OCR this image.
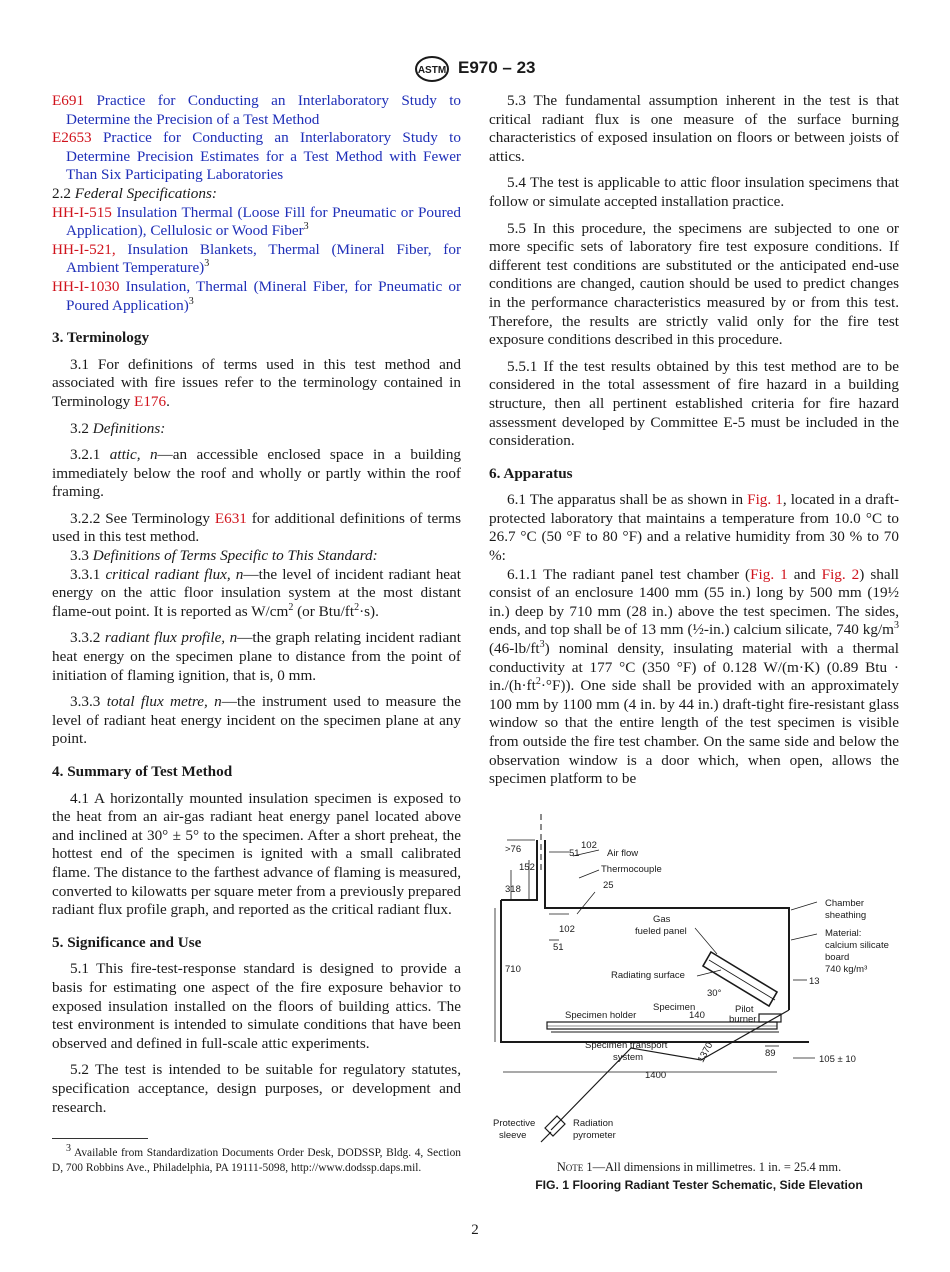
ASTM E970 – 23
E691 Practice for Conducting an Interlaboratory Study to Determine the Precision of a Test Method
E2653 Practice for Conducting an Interlaboratory Study to Determine Precision Estimates for a Test Method with Fewer Than Six Participating Laboratories
2.2 Federal Specifications:
HH-I-515 Insulation Thermal (Loose Fill for Pneumatic or Poured Application), Cellulosic or Wood Fiber$^3$
HH-I-521, Insulation Blankets, Thermal (Mineral Fiber, for Ambient Temperature)$^3$
HH-I-1030 Insulation, Thermal (Mineral Fiber, for Pneumatic or Poured Application)$^3$
3. Terminology

3.1 For definitions of terms used in this test method and associated with fire issues refer to the terminology contained in Terminology E176.

3.2 Definitions:

3.2.1 attic, n—an accessible enclosed space in a building immediately below the roof and wholly or partly within the roof framing.

3.2.2 See Terminology E631 for additional definitions of terms used in this test method.

3.3 Definitions of Terms Specific to This Standard:

3.3.1 critical radiant flux, n—the level of incident radiant heat energy on the attic floor insulation system at the most distant flame-out point. It is reported as $W/cm^2$ (or Btu/$ft^2\cdot s$).

3.3.2 radiant flux profile, n—the graph relating incident radiant heat energy on the specimen plane to distance from the point of initiation of flaming ignition, that is, 0 mm.

3.3.3 total flux metre, n—the instrument used to measure the level of radiant heat energy incident on the specimen plane at any point.

4. Summary of Test Method

4.1 A horizontally mounted insulation specimen is exposed to the heat from an air-gas radiant heat energy panel located above and inclined at 30° ± 5° to the specimen. After a short preheat, the hottest end of the specimen is ignited with a small calibrated flame. The distance to the farthest advance of flaming is measured, converted to kilowatts per square meter from a previously prepared radiant flux profile graph, and reported as the critical radiant flux.

5. Significance and Use

5.1 This fire-test-response standard is designed to provide a basis for estimating one aspect of the fire exposure behavior to exposed insulation installed on the floors of building attics. The test environment is intended to simulate conditions that have been observed and defined in full-scale attic experiments.

5.2 The test is intended to be suitable for regulatory statutes, specification acceptance, design purposes, or development and research.

$^3$ Available from Standardization Documents Order Desk, DODSSP, Bldg. 4, Section D, 700 Robbins Ave., Philadelphia, PA 19111-5098, http://www.dodssp.daps.mil.

5.3 The fundamental assumption inherent in the test is that critical radiant flux is one measure of the surface burning characteristics of exposed insulation on floors or between joists of attics.

5.4 The test is applicable to attic floor insulation specimens that follow or simulate accepted installation practice.

5.5 In this procedure, the specimens are subjected to one or more specific sets of laboratory fire test exposure conditions. If different test conditions are substituted or the anticipated end-use conditions are changed, caution should be used to predict changes in the performance characteristics measured by or from this test. Therefore, the results are strictly valid only for the fire test exposure conditions described in this procedure.

5.5.1 If the test results obtained by this test method are to be considered in the total assessment of fire hazard in a building structure, then all pertinent established criteria for fire hazard assessment developed by Committee E-5 must be included in the consideration.

6. Apparatus

6.1 The apparatus shall be as shown in Fig. 1, located in a draft-protected laboratory that maintains a temperature from 10.0 °C to 26.7 °C (50 °F to 80 °F) and a relative humidity from 30 % to 70 %:

6.1.1 The radiant panel test chamber (Fig. 1 and Fig. 2) shall consist of an enclosure 1400 mm (55 in.) long by 500 mm (19½ in.) deep by 710 mm (28 in.) above the test specimen. The sides, ends, and top shall be of 13 mm (½-in.) calcium silicate, 740 $kg/m^3$ $(46-lb/ft^3)$ nominal density, insulating material with a thermal conductivity at 177 °C (350 °F) of 0.128 W/(m·K) (0.89 Btu · $in./(h\cdot ft^2\cdot^\circ F)$). One side shall be provided with an approximately 100 mm by 1100 mm (4 in. by 44 in.) draft-tight fire-resistant glass window so that the entire length of the test specimen is visible from outside the fire test chamber. On the same side and below the observation window is a door which, when open, allows the specimen platform to be

>76	102
51
152
318	25
102
51
710
13
30°
140
89
105 ± 10
1400
1370
Air flow
Thermocouple
Gas
fueled panel
Radiating surface
Specimen
Specimen holder
Pilot
burner
Specimen transport
system
Chamber
sheathing
Material:
calcium silicate
board
740 kg/m³
Protective
sleeve
Radiation
pyrometer
Note 1—All dimensions in millimetres. 1 in. = 25.4 mm.
FIG. 1 Flooring Radiant Tester Schematic, Side Elevation
2
